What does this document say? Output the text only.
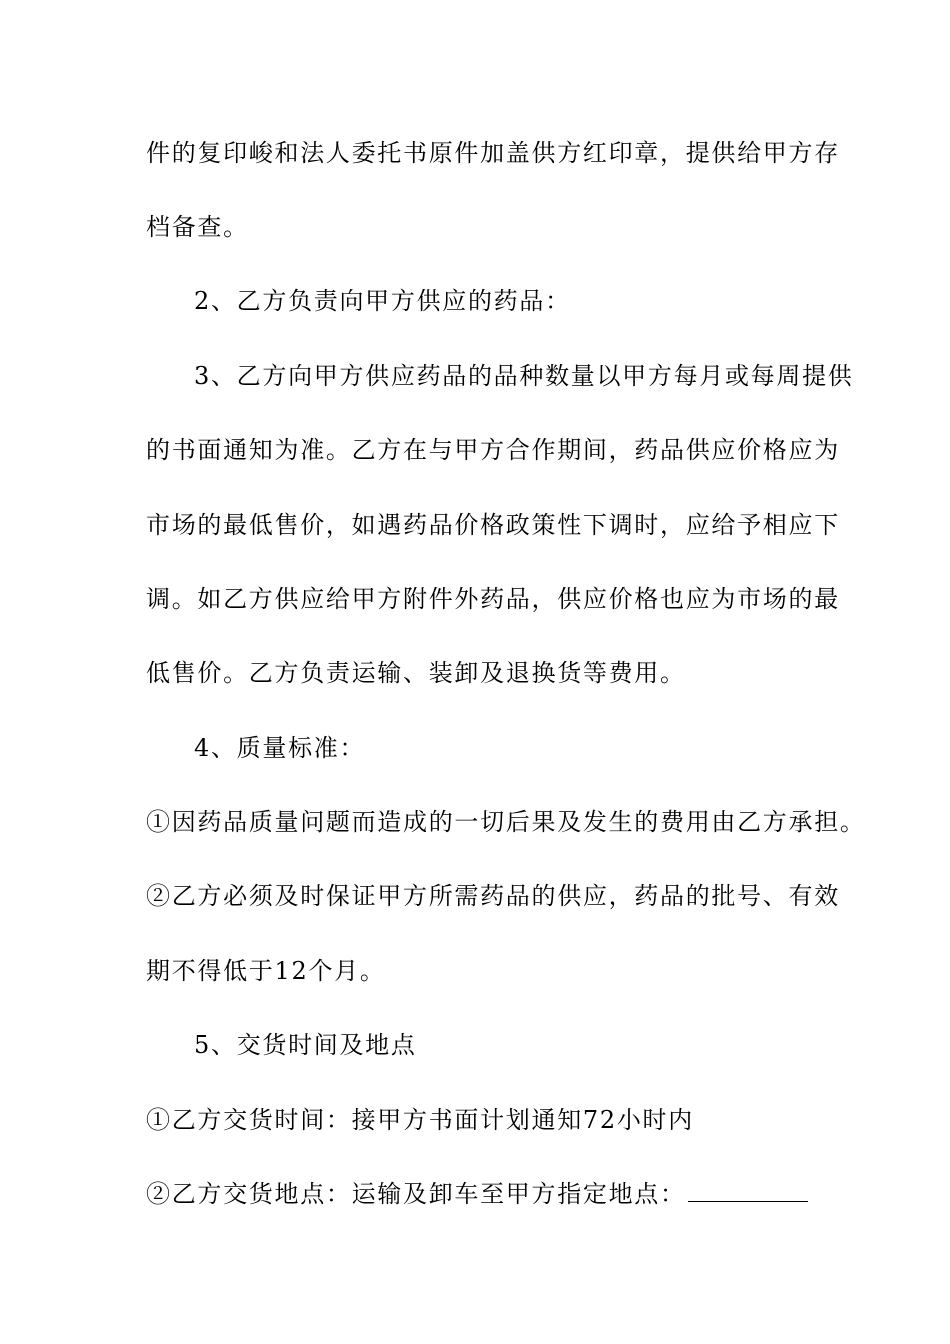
件的复印峻和法人委托书原件加盖供方红印章，提供给甲方存
档备查。
2、乙方负责向甲方供应的药品：
3、乙方向甲方供应药品的品种数量以甲方每月或每周提供
的书面通知为准。乙方在与甲方合作期间，药品供应价格应为
市场的最低售价，如遇药品价格政策性下调时，应给予相应下
调。如乙方供应给甲方附件外药品，供应价格也应为市场的最
低售价。乙方负责运输、装卸及退换货等费用。
4、质量标准：
①因药品质量问题而造成的一切后果及发生的费用由乙方承担。
②乙方必须及时保证甲方所需药品的供应，药品的批号、有效
期不得低于12个月。
5、交货时间及地点
①乙方交货时间：接甲方书面计划通知72小时内
②乙方交货地点：运输及卸车至甲方指定地点：
